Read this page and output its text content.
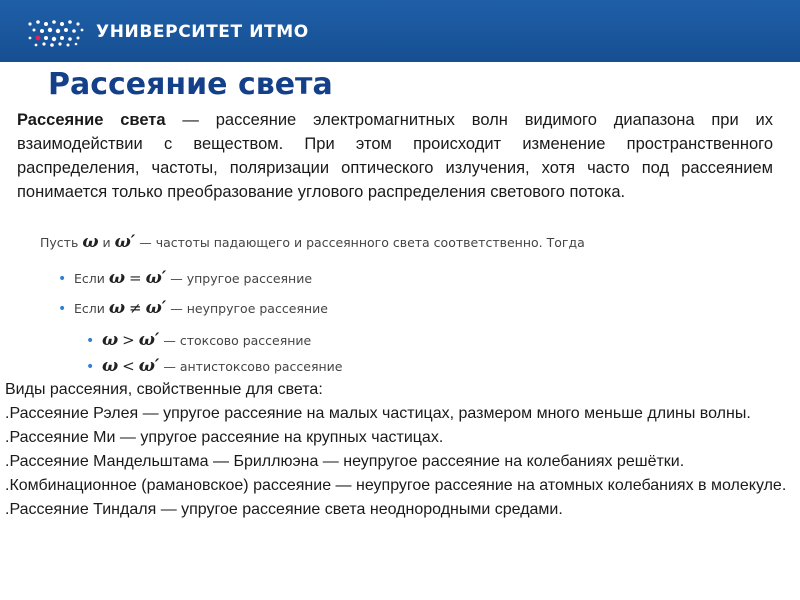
УНИВЕРСИТЕТ ИТМО
Рассеяние света
Рассеяние света — рассеяние электромагнитных волн видимого диапазона при их взаимодействии с веществом. При этом происходит изменение пространственного распределения, частоты, поляризации оптического излучения, хотя часто под рассеянием понимается только преобразование углового распределения светового потока.
Пусть ω и ω′ — частоты падающего и рассеянного света соответственно. Тогда
• Если ω = ω′ — упругое рассеяние
• Если ω ≠ ω′ — неупругое рассеяние
• ω > ω′ — стоксово рассеяние
• ω < ω′ — антистоксово рассеяние
Виды рассеяния, свойственные для света:
.Рассеяние Рэлея — упругое рассеяние на малых частицах, размером много меньше длины волны.
.Рассеяние Ми — упругое рассеяние на крупных частицах.
.Рассеяние Мандельштама — Бриллюэна — неупругое рассеяние на колебаниях решётки.
.Комбинационное (рамановское) рассеяние — неупругое рассеяние на атомных колебаниях в молекуле.
.Рассеяние Тиндаля — упругое рассеяние света неоднородными средами.
